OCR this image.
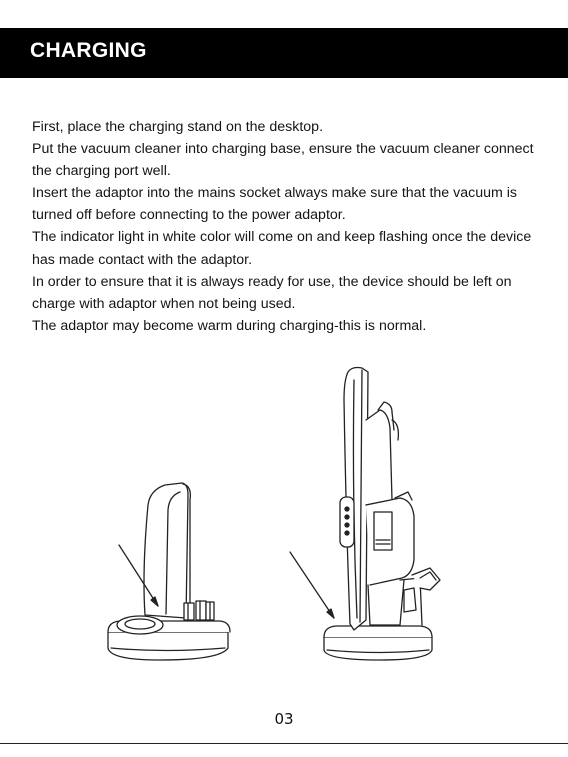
CHARGING

First, place the charging stand on the desktop.

Put the vacuum cleaner into charging base, ensure the vacuum cleaner connect the charging port well.

Insert the adaptor into the mains socket always make sure that the vacuum is turned off before connecting to the power adaptor.

The indicator light in white color will come on and keep flashing once the device has made contact with the adaptor.

In order to ensure that it is always ready for use, the device should be left on charge with adaptor when not being used.

The adaptor may become warm during charging-this is normal.

03
